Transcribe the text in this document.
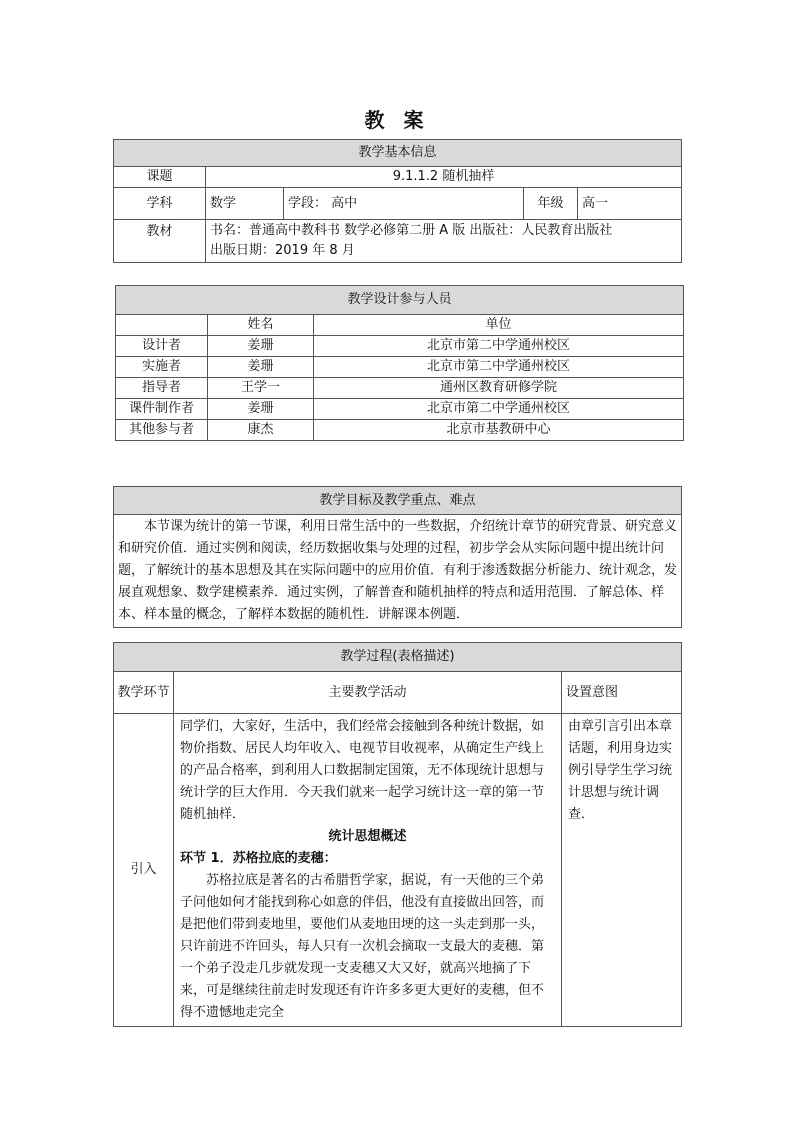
教 案
教学基本信息				
课题	9.1.1.2 随机抽样			
学科	数学	学段： 高中	年级	高一
教材	书名：普通高中教科书 数学必修第二册 A 版 出版社：人民教育出版社
出版日期：2019 年 8 月			
教学设计参与人员		
	姓名	单位
设计者	姜珊	北京市第二中学通州校区
实施者	姜珊	北京市第二中学通州校区
指导者	王学一	通州区教育研修学院
课件制作者	姜珊	北京市第二中学通州校区
其他参与者	康杰	北京市基教研中心
教学目标及教学重点、难点
本节课为统计的第一节课，利用日常生活中的一些数据，介绍统计章节的研究背景、研究意义和研究价值．通过实例和阅读，经历数据收集与处理的过程，初步学会从实际问题中提出统计问题，了解统计的基本思想及其在实际问题中的应用价值．有利于渗透数据分析能力、统计观念，发展直观想象、数学建模素养．通过实例，了解普查和随机抽样的特点和适用范围．了解总体、样本、样本量的概念，了解样本数据的随机性．讲解课本例题．
教学过程(表格描述)		
教学环节	主要教学活动	设置意图
引入	同学们，大家好，生活中，我们经常会接触到各种统计数据，如物价指数、居民人均年收入、电视节目收视率，从确定生产线上的产品合格率，到利用人口数据制定国策，无不体现统计思想与统计学的巨大作用．今天我们就来一起学习统计这一章的第一节 随机抽样．

统计思想概述

环节 1．苏格拉底的麦穗：

苏格拉底是著名的古希腊哲学家，据说，有一天他的三个弟子问他如何才能找到称心如意的伴侣，他没有直接做出回答，而是把他们带到麦地里，要他们从麦地田埂的这一头走到那一头，只许前进不许回头，每人只有一次机会摘取一支最大的麦穗．第一个弟子没走几步就发现一支麦穗又大又好，就高兴地摘了下来，可是继续往前走时发现还有许许多多更大更好的麦穗，但不得不遗憾地走完全	由章引言引出本章话题，利用身边实例引导学生学习统计思想与统计调查．
